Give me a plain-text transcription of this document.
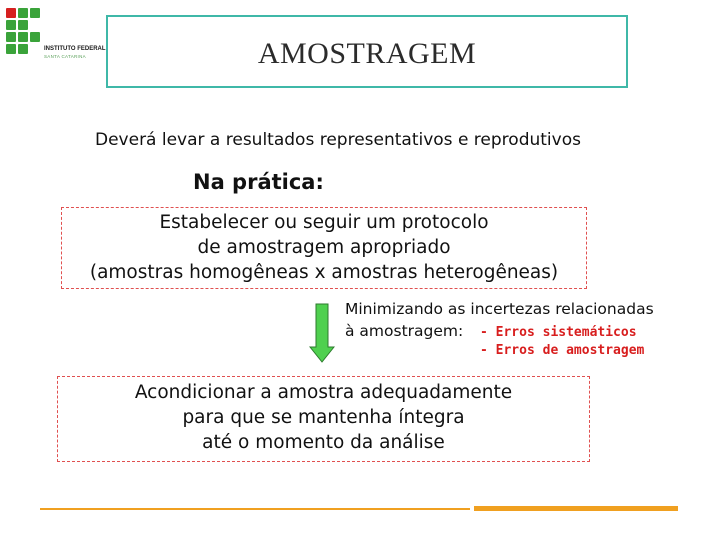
INSTITUTO FEDERAL
SANTA CATARINA	AMOSTRAGEM
Deverá levar a resultados representativos e reprodutivos
Na prática:
Estabelecer ou seguir um protocolo
de amostragem apropriado
(amostras homogêneas x amostras heterogêneas)
Minimizando as incertezas relacionadas
à amostragem: - Erros sistemáticos
- Erros de amostragem
Acondicionar a amostra adequadamente
para que se mantenha íntegra
até o momento da análise
